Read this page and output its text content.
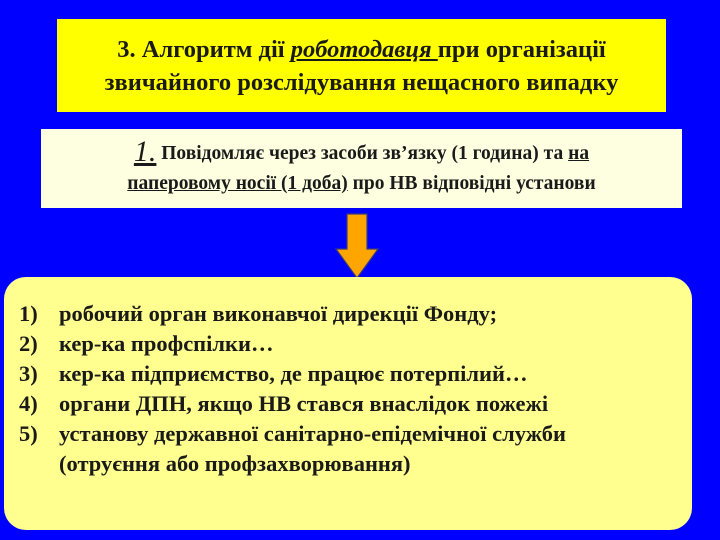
3. Алгоритм дії роботодавця при організації
звичайного розслідування нещасного випадку
1. Повідомляє через засоби зв’язку (1 година) та на
паперовому носії (1 доба) про НВ відповідні установи
1) робочий орган виконавчої дирекції Фонду;
2) кер-ка профспілки…
3) кер-ка підприємство, де працює потерпілий…
4) органи ДПН, якщо НВ стався внаслідок пожежі
5) установу державної санітарно-епідемічної служби (отруєння або профзахворювання)
